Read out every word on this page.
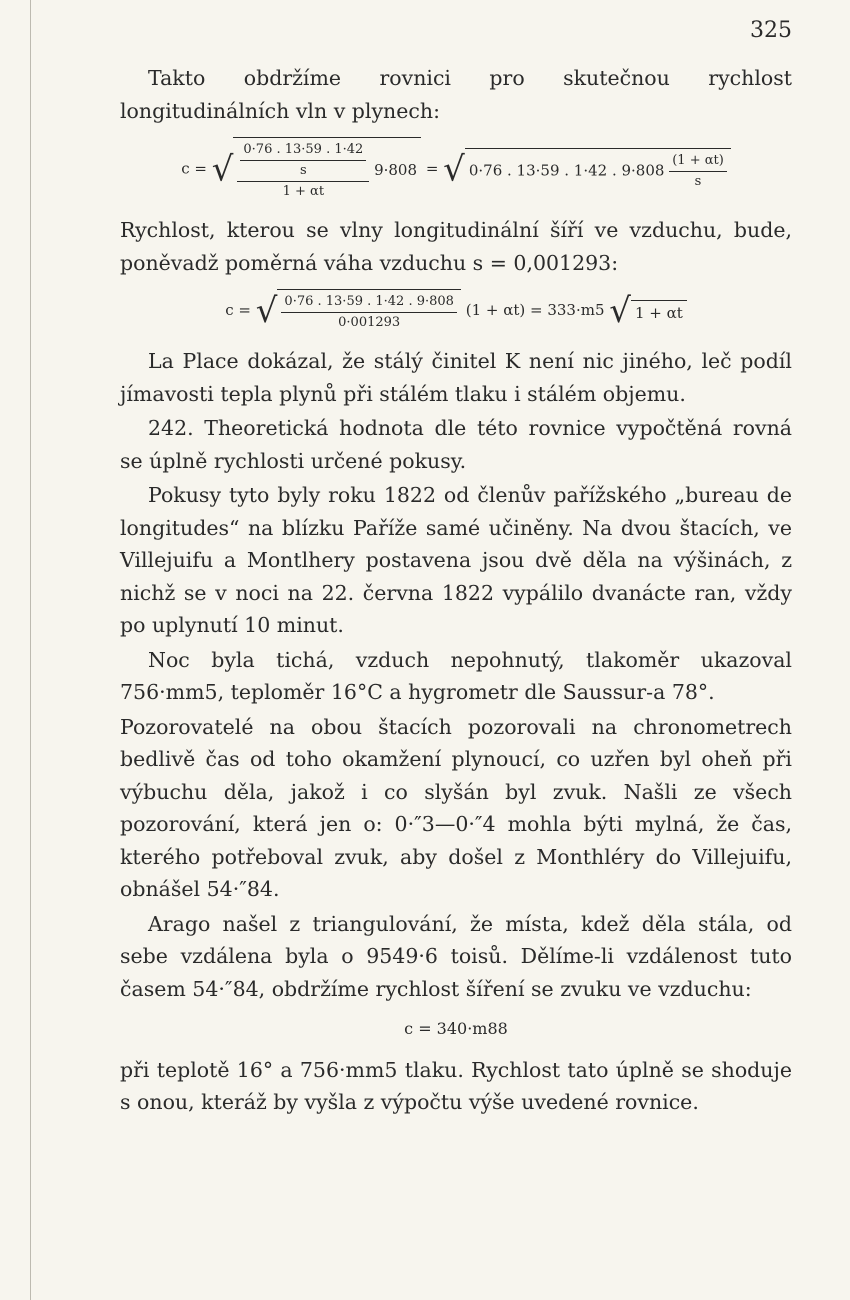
325

Takto obdržíme rovnici pro skutečnou rychlost longitudinálních vln v plynech:

c = √ $\frac{\frac{0\cdot 76 . 13\cdot 59 . 1\cdot 42}{s}}{1 + \alpha t} 9\cdot 808$ = √ 0·76 . 13·59 . 1·42 . $9\cdot 808 \frac{(1 + \alpha t)}{s}$

Rychlost, kterou se vlny longitudinální šíří ve vzduchu, bude, poněvadž poměrná váha vzduchu s = 0,001293:

c = √ $\frac{0\cdot 76 . 13\cdot 59 . 1\cdot 42 . 9\cdot 808}{0\cdot 001293} (1 + \alpha t) = 333\cdot m5$ √ 1 + αt

La Place dokázal, že stálý činitel K není nic jiného, leč podíl jímavosti tepla plynů při stálém tlaku i stálém objemu.

242. Theoretická hodnota dle této rovnice vypočtěná rovná se úplně rychlosti určené pokusy.

Pokusy tyto byly roku 1822 od členův pařížského „bureau de longitudes“ na blízku Paříže samé učiněny. Na dvou štacích, ve Villejuifu a Montlhery postavena jsou dvě děla na výšinách, z nichž se v noci na 22. června 1822 vypálilo dvanácte ran, vždy po uplynutí 10 minut.

Noc byla tichá, vzduch nepohnutý, tlakoměr ukazoval 756·mm5, teploměr 16°C a hygrometr dle Saussur-a 78°.

Pozorovatelé na obou štacích pozorovali na chronometrech bedlivě čas od toho okamžení plynoucí, co uzřen byl oheň při výbuchu děla, jakož i co slyšán byl zvuk. Našli ze všech pozorování, která jen o: 0·″3—0·″4 mohla býti mylná, že čas, kterého potřeboval zvuk, aby došel z Monthléry do Villejuifu, obnášel 54·″84.

Arago našel z triangulování, že místa, kdež děla stála, od sebe vzdálena byla o 9549·6 toisů. Dělíme-li vzdálenost tuto časem 54·″84, obdržíme rychlost šíření se zvuku ve vzduchu:

c = 340·m88

při teplotě 16° a 756·mm5 tlaku. Rychlost tato úplně se shoduje s onou, kteráž by vyšla z výpočtu výše uvedené rovnice.
